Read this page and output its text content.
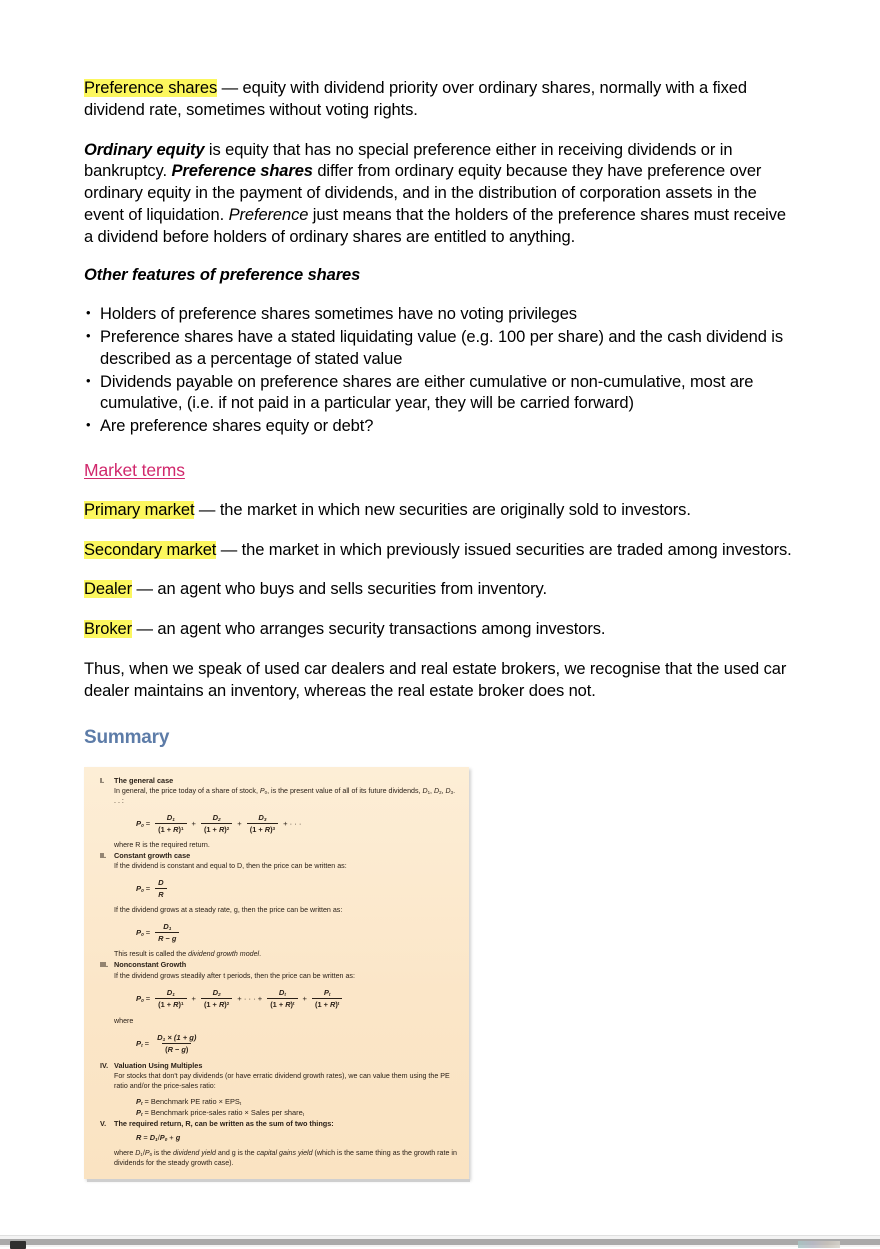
Preference shares — equity with dividend priority over ordinary shares, normally with a fixed dividend rate, sometimes without voting rights.

Ordinary equity is equity that has no special preference either in receiving dividends or in bankruptcy. Preference shares differ from ordinary equity because they have preference over ordinary equity in the payment of dividends, and in the distribution of corporation assets in the event of liquidation. Preference just means that the holders of the preference shares must receive a dividend before holders of ordinary shares are entitled to anything.

Other features of preference shares
• Holders of preference shares sometimes have no voting privileges
• Preference shares have a stated liquidating value (e.g. 100 per share) and the cash dividend is described as a percentage of stated value
• Dividends payable on preference shares are either cumulative or non-cumulative, most are cumulative, (i.e. if not paid in a particular year, they will be carried forward)
• Are preference shares equity or debt?
Market terms

Primary market — the market in which new securities are originally sold to investors.

Secondary market — the market in which previously issued securities are traded among investors.

Dealer — an agent who buys and sells securities from inventory.

Broker — an agent who arranges security transactions among investors.

Thus, when we speak of used car dealers and real estate brokers, we recognise that the used car dealer maintains an inventory, whereas the real estate broker does not.

Summary
I.	The general case
In general, the price today of a share of stock, $P_0$, is the present value of all of its future dividends, $D_1$, $D_2$, $D_3$. . . :
$P_0 = \frac{D_1}{(1 + R)^1} + \frac{D_2}{(1 + R)^2} + \frac{D_3}{(1 + R)^3}$ + · · ·
where R is the required return.
II.	Constant growth case
If the dividend is constant and equal to D, then the price can be written as:
$P_0 = \frac{D}{R}$
If the dividend grows at a steady rate, g, then the price can be written as:
$P_0 = \frac{D_1}{R - g}$
This result is called the dividend growth model.
III. Nonconstant Growth
If the dividend grows steadily after t periods, then the price can be written as:
$P_0 = \frac{D_1}{(1 + R)^1} + \frac{D_2}{(1 + R)^2}$ + · · · + $\frac{D_t}{(1 + R)^t} + \frac{P_t}{(1 + R)^t}$
where
$P_t = \frac{D_1 \times (1 + g)}{(R - g)}$
IV. Valuation Using Multiples
For stocks that don't pay dividends (or have erratic dividend growth rates), we can value them using the PE ratio and/or the price-sales ratio:
$P_t$ = Benchmark PE ratio × $EPS_t$
$P_t$ = Benchmark price-sales ratio × Sales per share$_t$
V.	The required return, R, can be written as the sum of two things:
$R = D_1/P_0 + g$
where $D_1/P_0$ is the dividend yield and g is the capital gains yield (which is the same thing as the growth rate in dividends for the steady growth case).
